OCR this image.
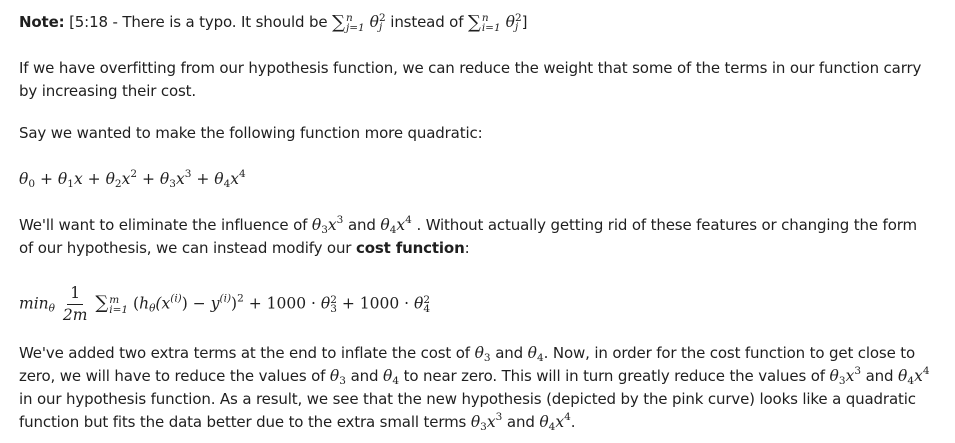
Note: [5:18 - There is a typo. It should be ∑ n
j=1 θ 2
j instead of ∑ n
i=1 θ 2
j ]

If we have overfitting from our hypothesis function, we can reduce the weight that some of the terms in our function carry by increasing their cost.

Say we wanted to make the following function more quadratic:

$\theta_0 + \theta_1x + \theta_2x^2 + \theta_3x^3 + \theta_4x^4$

We'll want to eliminate the influence of $\theta_3x^3$ and $\theta_4x^4$ . Without actually getting rid of these features or changing the form of our hypothesis, we can instead modify our cost function:

$\min_\theta \frac{1}{2m}$ ∑ m
i=1 $(h_\theta(x^{(i)}) - y^{(i)})^2 + 1000 \cdot \theta$ 2
3 + 1000 · θ 2
4

We've added two extra terms at the end to inflate the cost of $\theta_3$ and $\theta_4$. Now, in order for the cost function to get close to zero, we will have to reduce the values of $\theta_3$ and $\theta_4$ to near zero. This will in turn greatly reduce the values of $\theta_3x^3$ and $\theta_4x^4$ in our hypothesis function. As a result, we see that the new hypothesis (depicted by the pink curve) looks like a quadratic function but fits the data better due to the extra small terms $\theta_3x^3$ and $\theta_4x^4$.
